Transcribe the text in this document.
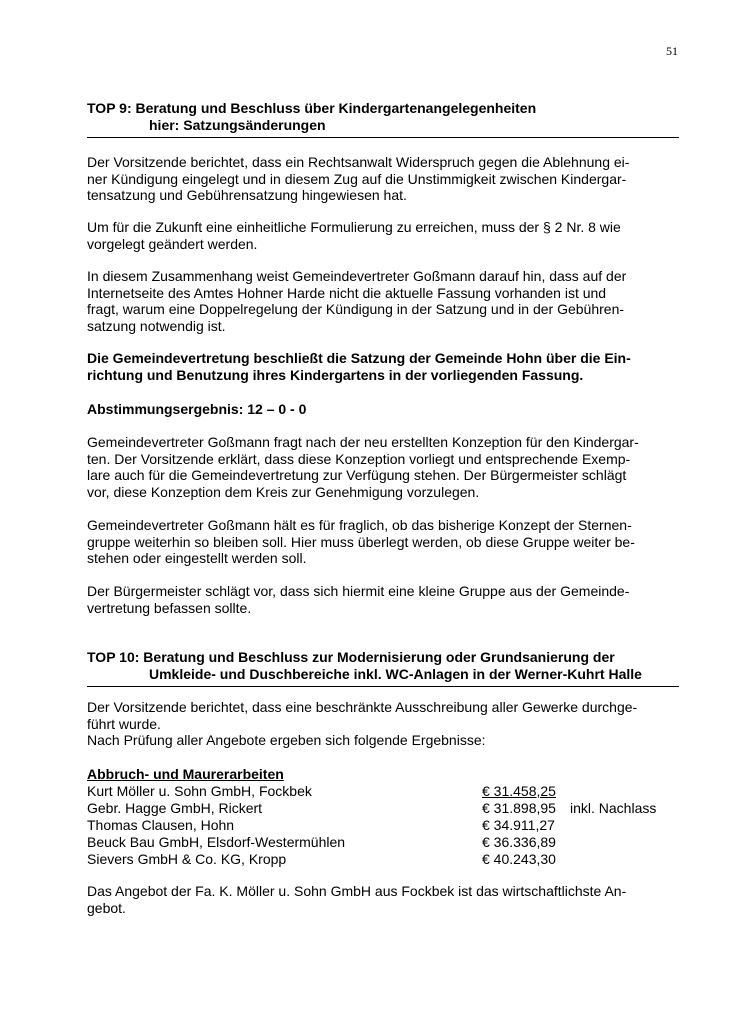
51
TOP 9: Beratung und Beschluss über Kindergartenangelegenheiten
hier: Satzungsänderungen
Der Vorsitzende berichtet, dass ein Rechtsanwalt Widerspruch gegen die Ablehnung ei-
ner Kündigung eingelegt und in diesem Zug auf die Unstimmigkeit zwischen Kindergar-
tensatzung und Gebührensatzung hingewiesen hat.
Um für die Zukunft eine einheitliche Formulierung zu erreichen, muss der § 2 Nr. 8 wie
vorgelegt geändert werden.
In diesem Zusammenhang weist Gemeindevertreter Goßmann darauf hin, dass auf der
Internetseite des Amtes Hohner Harde nicht die aktuelle Fassung vorhanden ist und
fragt, warum eine Doppelregelung der Kündigung in der Satzung und in der Gebühren-
satzung notwendig ist.
Die Gemeindevertretung beschließt die Satzung der Gemeinde Hohn über die Ein-
richtung und Benutzung ihres Kindergartens in der vorliegenden Fassung.
Abstimmungsergebnis: 12 – 0 - 0
Gemeindevertreter Goßmann fragt nach der neu erstellten Konzeption für den Kindergar-
ten. Der Vorsitzende erklärt, dass diese Konzeption vorliegt und entsprechende Exemp-
lare auch für die Gemeindevertretung zur Verfügung stehen. Der Bürgermeister schlägt
vor, diese Konzeption dem Kreis zur Genehmigung vorzulegen.
Gemeindevertreter Goßmann hält es für fraglich, ob das bisherige Konzept der Sternen-
gruppe weiterhin so bleiben soll. Hier muss überlegt werden, ob diese Gruppe weiter be-
stehen oder eingestellt werden soll.
Der Bürgermeister schlägt vor, dass sich hiermit eine kleine Gruppe aus der Gemeinde-
vertretung befassen sollte.
TOP 10: Beratung und Beschluss zur Modernisierung oder Grundsanierung der
Umkleide- und Duschbereiche inkl. WC-Anlagen in der Werner-Kuhrt Halle
Der Vorsitzende berichtet, dass eine beschränkte Ausschreibung aller Gewerke durchge-
führt wurde.
Nach Prüfung aller Angebote ergeben sich folgende Ergebnisse:
Abbruch- und Maurerarbeiten
Kurt Möller u. Sohn GmbH, Fockbek	€ 31.458,25
Gebr. Hagge GmbH, Rickert	€ 31.898,95 inkl. Nachlass
Thomas Clausen, Hohn	€ 34.911,27
Beuck Bau GmbH, Elsdorf-Westermühlen	€ 36.336,89
Sievers GmbH & Co. KG, Kropp	€ 40.243,30
Das Angebot der Fa. K. Möller u. Sohn GmbH aus Fockbek ist das wirtschaftlichste An-
gebot.
